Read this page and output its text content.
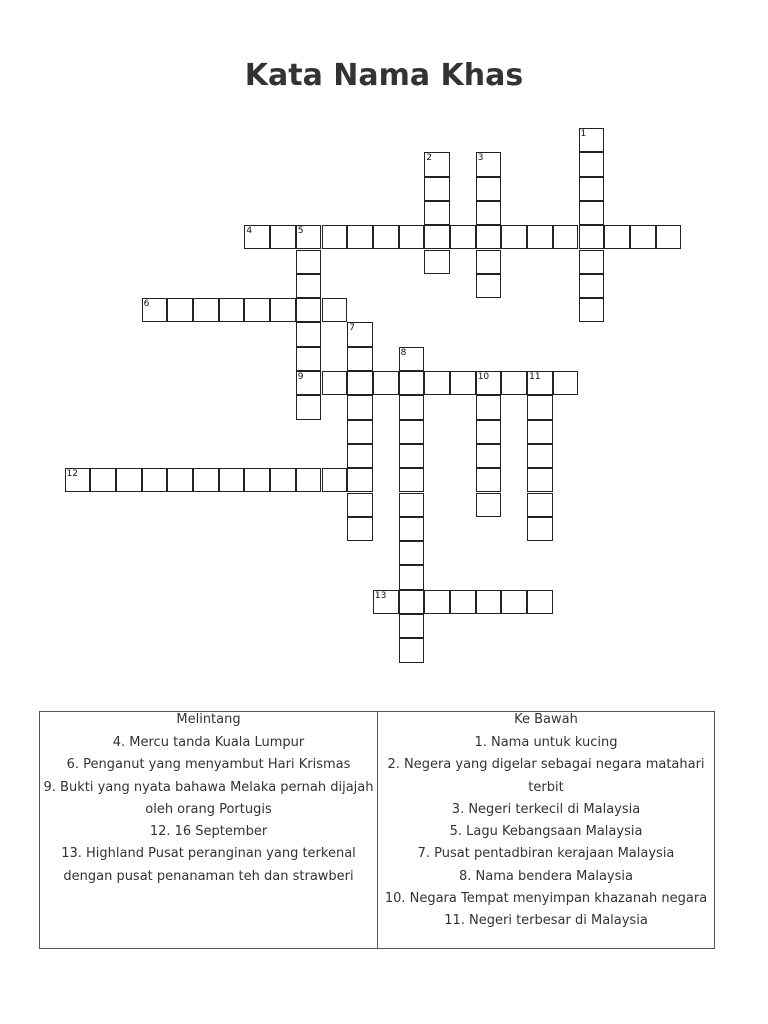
Kata Nama Khas
1
2	3
4	5
9
6
7
8
10	11
12
13
Melintang
4. Mercu tanda Kuala Lumpur
6. Penganut yang menyambut Hari Krismas
9. Bukti yang nyata bahawa Melaka pernah dijajah oleh orang Portugis
12. 16 September
13. Highland Pusat peranginan yang terkenal dengan pusat penanaman teh dan strawberi
Ke Bawah
1. Nama untuk kucing
2. Negera yang digelar sebagai negara matahari terbit
3. Negeri terkecil di Malaysia
5. Lagu Kebangsaan Malaysia
7. Pusat pentadbiran kerajaan Malaysia
8. Nama bendera Malaysia
10. Negara Tempat menyimpan khazanah negara
11. Negeri terbesar di Malaysia
